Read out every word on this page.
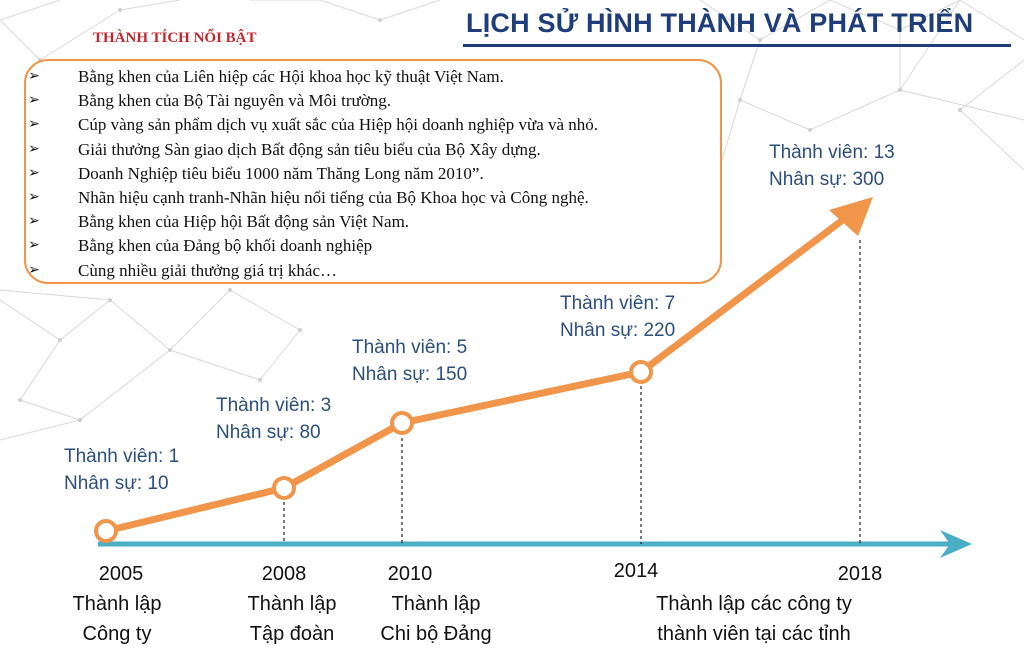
LỊCH SỬ HÌNH THÀNH VÀ PHÁT TRIỂN
THÀNH TÍCH NỔI BẬT
➢ Bằng khen của Liên hiệp các Hội khoa học kỹ thuật Việt Nam.
➢ Bằng khen của Bộ Tài nguyên và Môi trường.
➢ Cúp vàng sản phẩm dịch vụ xuất sắc của Hiệp hội doanh nghiệp vừa và nhỏ.
➢ Giải thưởng Sàn giao dịch Bất động sản tiêu biểu của Bộ Xây dựng.
➢ Doanh Nghiệp tiêu biểu 1000 năm Thăng Long năm 2010”.
➢ Nhãn hiệu cạnh tranh-Nhãn hiệu nổi tiếng của Bộ Khoa học và Công nghệ.
➢ Bằng khen của Hiệp hội Bất động sản Việt Nam.
➢ Bằng khen của Đảng bộ khối doanh nghiệp
➢ Cùng nhiều giải thưởng giá trị khác…
Thành viên: 1
Nhân sự: 10
Thành viên: 3
Nhân sự: 80
Thành viên: 5
Nhân sự: 150
Thành viên: 7
Nhân sự: 220
Thành viên: 13
Nhân sự: 300
2005	2008	2010	2014	2018
Thành lập
Công ty
Thành lập
Tập đoàn
Thành lập
Chi bộ Đảng
Thành lập các công ty
thành viên tại các tỉnh
